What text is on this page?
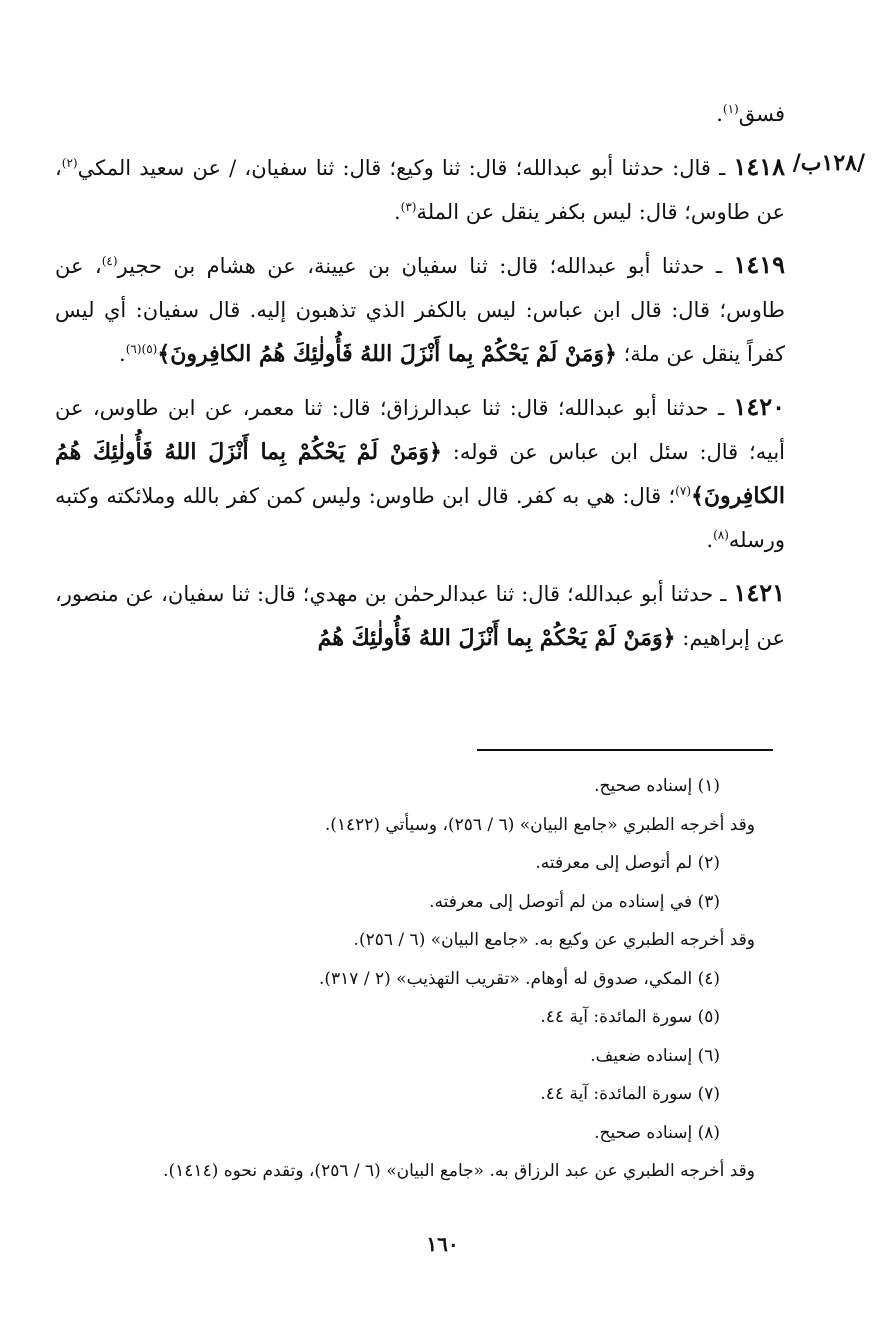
/١٢٨ب/

فسق$^{(١)}$.

١٤١٨ ـ قال: حدثنا أبو عبدالله؛ قال: ثنا وكيع؛ قال: ثنا سفيان، / عن سعيد المكي$^{(٢)}$، عن طاوس؛ قال: ليس بكفر ينقل عن الملة$^{(٣)}$.

١٤١٩ ـ حدثنا أبو عبدالله؛ قال: ثنا سفيان بن عيينة، عن هشام بن حجير$^{(٤)}$، عن طاوس؛ قال: قال ابن عباس: ليس بالكفر الذي تذهبون إليه. قال سفيان: أي ليس كفراً ينقل عن ملة؛ ﴿وَمَنْ لَمْ يَحْكُمْ بِما أَنْزَلَ اللهُ فَأُولٰئِكَ هُمُ الكافِرونَ﴾$^{(٥)(٦)}$.

١٤٢٠ ـ حدثنا أبو عبدالله؛ قال: ثنا عبدالرزاق؛ قال: ثنا معمر، عن ابن طاوس، عن أبيه؛ قال: سئل ابن عباس عن قوله: ﴿وَمَنْ لَمْ يَحْكُمْ بِما أَنْزَلَ اللهُ فَأُولٰئِكَ هُمُ الكافِرونَ﴾$^{(٧)}$؛ قال: هي به كفر. قال ابن طاوس: وليس كمن كفر بالله وملائكته وكتبه ورسله$^{(٨)}$.

١٤٢١ ـ حدثنا أبو عبدالله؛ قال: ثنا عبدالرحمٰن بن مهدي؛ قال: ثنا سفيان، عن منصور، عن إبراهيم: ﴿وَمَنْ لَمْ يَحْكُمْ بِما أَنْزَلَ اللهُ فَأُولٰئِكَ هُمُ

(١) إسناده صحيح.
وقد أخرجه الطبري «جامع البيان» (٦ / ٢٥٦)، وسيأتي (١٤٢٢).
(٢) لم أتوصل إلى معرفته.
(٣) في إسناده من لم أتوصل إلى معرفته.
وقد أخرجه الطبري عن وكيع به. «جامع البيان» (٦ / ٢٥٦).
(٤) المكي، صدوق له أوهام. «تقريب التهذيب» (٢ / ٣١٧).
(٥) سورة المائدة: آية ٤٤.
(٦) إسناده ضعيف.
(٧) سورة المائدة: آية ٤٤.
(٨) إسناده صحيح.
وقد أخرجه الطبري عن عبد الرزاق به. «جامع البيان» (٦ / ٢٥٦)، وتقدم نحوه (١٤١٤).
١٦٠
